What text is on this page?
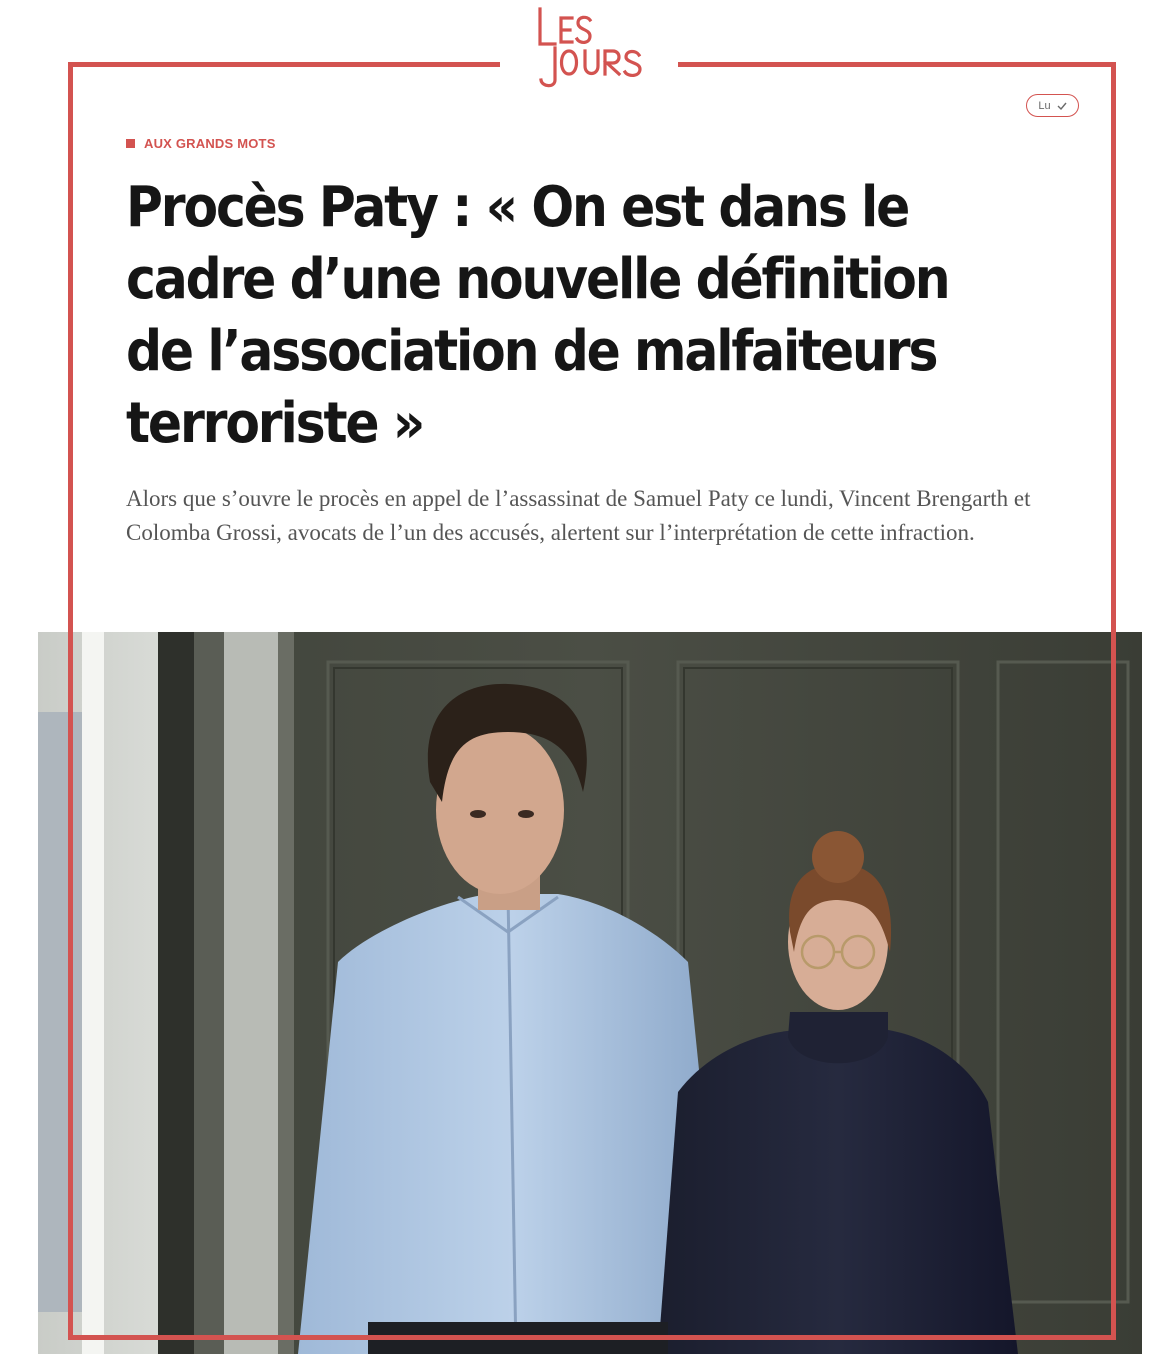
Lu
AUX GRANDS MOTS
Procès Paty : « On est dans le cadre d’une nouvelle définition de l’association de malfaiteurs terroriste »

Alors que s’ouvre le procès en appel de l’assassinat de Samuel Paty ce lundi, Vincent Brengarth et Colomba Grossi, avocats de l’un des accusés, alertent sur l’interprétation de cette infraction.
